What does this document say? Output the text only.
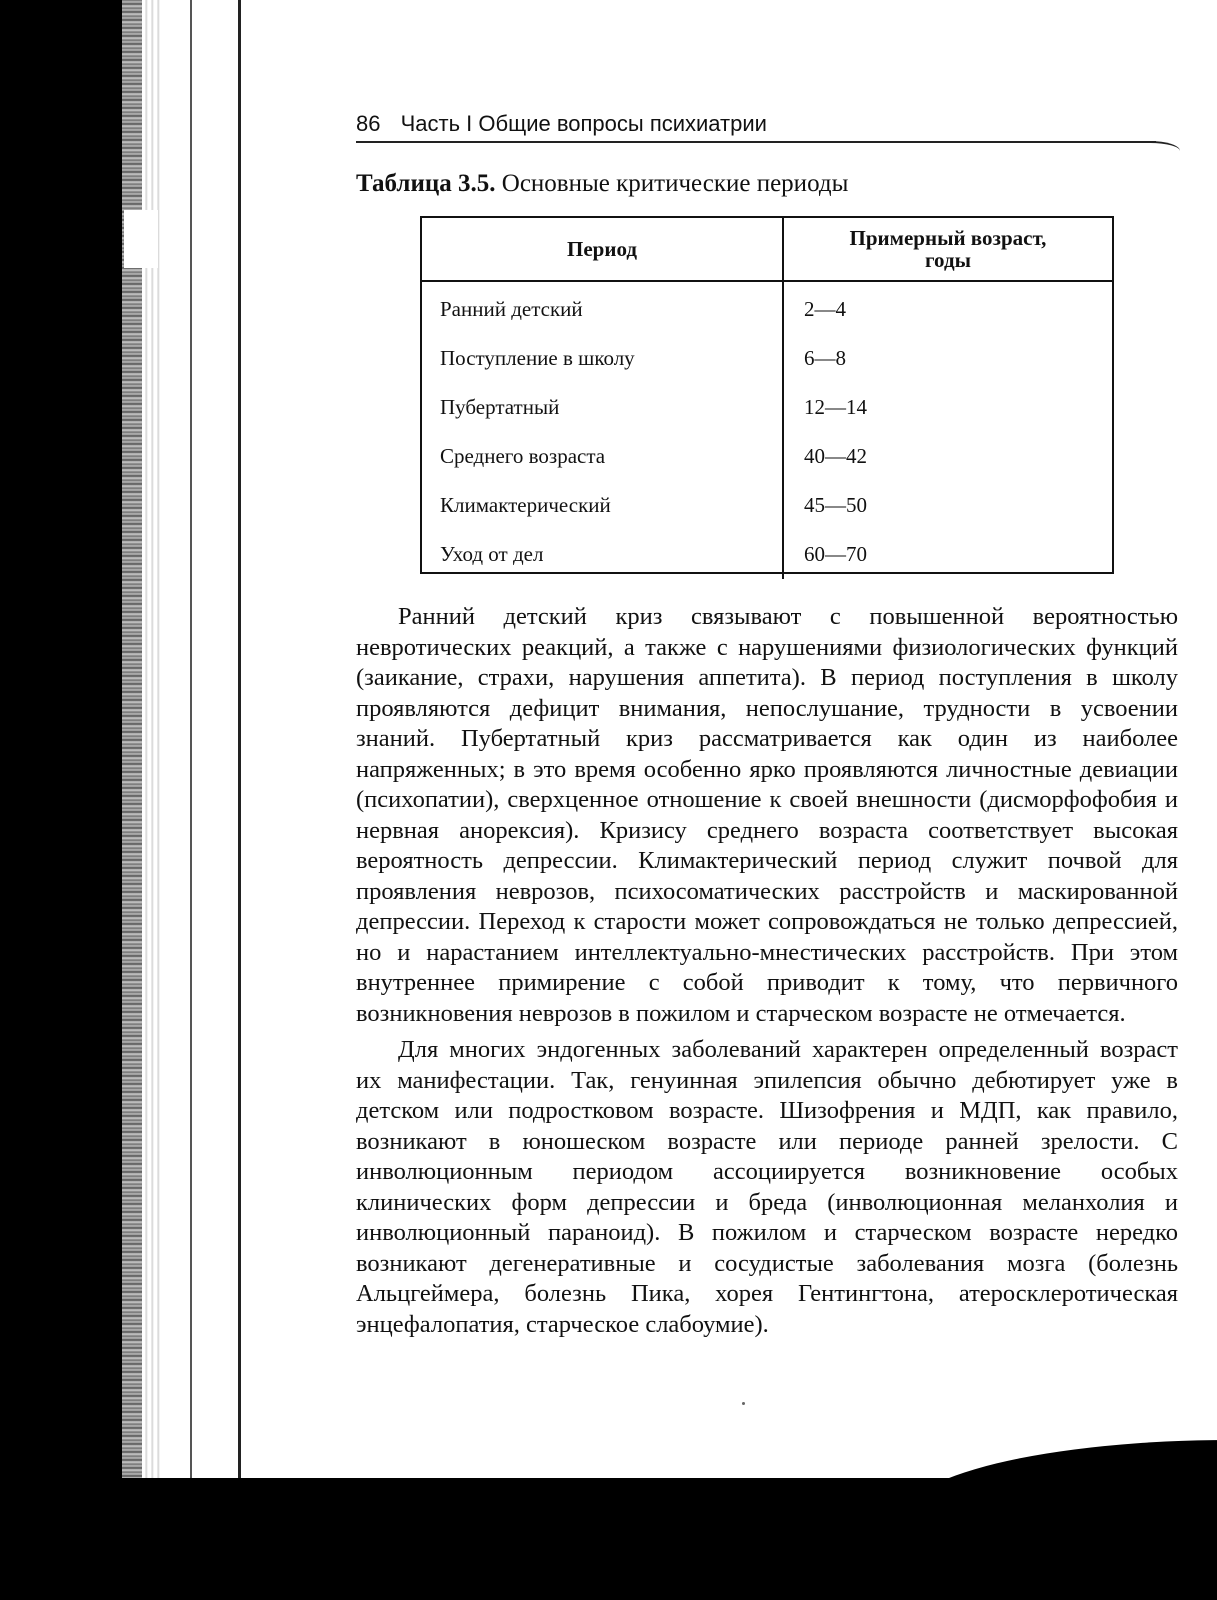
86 Часть I Общие вопросы психиатрии
Таблица 3.5. Основные критические периоды
Период	Примерный возраст, годы

Ранний детский	2—4
Поступление в школу	6—8
Пубертатный	12—14
Среднего возраста	40—42
Климактерический	45—50
Уход от дел	60—70

Ранний детский криз связывают с повышенной вероятностью невротических реакций, а также с нарушениями физиологических функций (заикание, страхи, нарушения аппетита). В период поступления в школу проявляются дефицит внимания, непослушание, трудности в усвоении знаний. Пубертатный криз рассматривается как один из наиболее напряженных; в это время особенно ярко проявляются личностные девиации (психопатии), сверхценное отношение к своей внешности (дисморфофобия и нервная анорексия). Кризису среднего возраста соответствует высокая вероятность депрессии. Климактерический период служит почвой для проявления неврозов, психосоматических расстройств и маскированной депрессии. Переход к старости может сопровождаться не только депрессией, но и нарастанием интеллектуально-мнестических расстройств. При этом внутреннее примирение с собой приводит к тому, что первичного возникновения неврозов в пожилом и старческом возрасте не отмечается.

Для многих эндогенных заболеваний характерен определенный возраст их манифестации. Так, генуинная эпилепсия обычно дебютирует уже в детском или подростковом возрасте. Шизофрения и МДП, как правило, возникают в юношеском возрасте или периоде ранней зрелости. С инволюционным периодом ассоциируется возникновение особых клинических форм депрессии и бреда (инволюционная меланхолия и инволюционный параноид). В пожилом и старческом возрасте нередко возникают дегенеративные и сосудистые заболевания мозга (болезнь Альцгеймера, болезнь Пика, хорея Гентингтона, атеросклеротическая энцефалопатия, старческое слабоумие).
